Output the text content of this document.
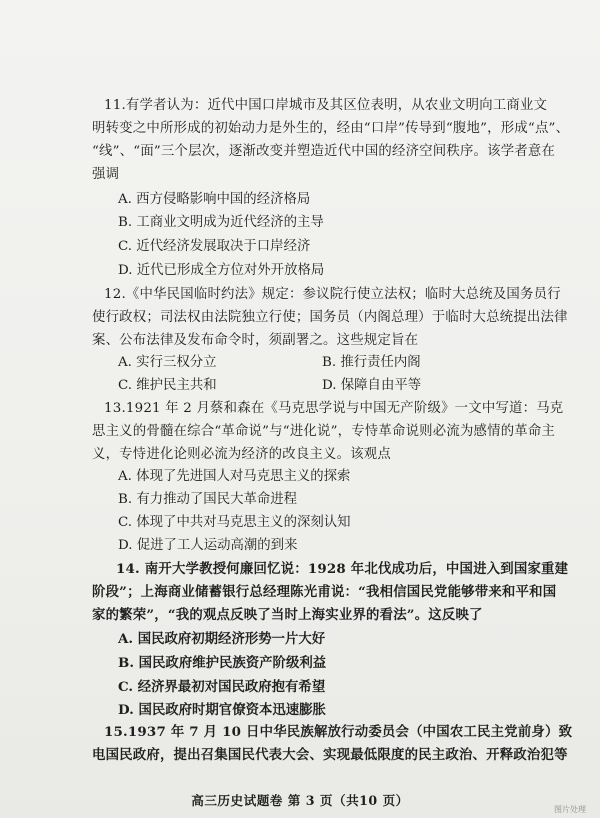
11.有学者认为：近代中国口岸城市及其区位表明，从农业文明向工商业文
明转变之中所形成的初始动力是外生的，经由“口岸”传导到“腹地”，形成“点”、
“线”、“面”三个层次，逐渐改变并塑造近代中国的经济空间秩序。该学者意在
强调
A. 西方侵略影响中国的经济格局
B. 工商业文明成为近代经济的主导
C. 近代经济发展取决于口岸经济
D. 近代已形成全方位对外开放格局
12.《中华民国临时约法》规定：参议院行使立法权；临时大总统及国务员行
使行政权；司法权由法院独立行使；国务员（内阁总理）于临时大总统提出法律
案、公布法律及发布命令时，须副署之。这些规定旨在
A. 实行三权分立	B. 推行责任内阁
C. 维护民主共和	D. 保障自由平等
13.1921 年 2 月蔡和森在《马克思学说与中国无产阶级》一文中写道：马克
思主义的骨髓在综合“革命说”与“进化说”，专恃革命说则必流为感情的革命主
义，专恃进化论则必流为经济的改良主义。该观点
A. 体现了先进国人对马克思主义的探索
B. 有力推动了国民大革命进程
C. 体现了中共对马克思主义的深刻认知
D. 促进了工人运动高潮的到来
14. 南开大学教授何廉回忆说：1928 年北伐成功后，中国进入到国家重建
阶段”；上海商业储蓄银行总经理陈光甫说：“我相信国民党能够带来和平和国
家的繁荣”，“我的观点反映了当时上海实业界的看法”。这反映了
A. 国民政府初期经济形势一片大好
B. 国民政府维护民族资产阶级利益
C. 经济界最初对国民政府抱有希望
D. 国民政府时期官僚资本迅速膨胀
15.1937 年 7 月 10 日中华民族解放行动委员会（中国农工民主党前身）致
电国民政府，提出召集国民代表大会、实现最低限度的民主政治、开释政治犯等
高三历史试题卷 第 3 页（共10 页）
图片处理
